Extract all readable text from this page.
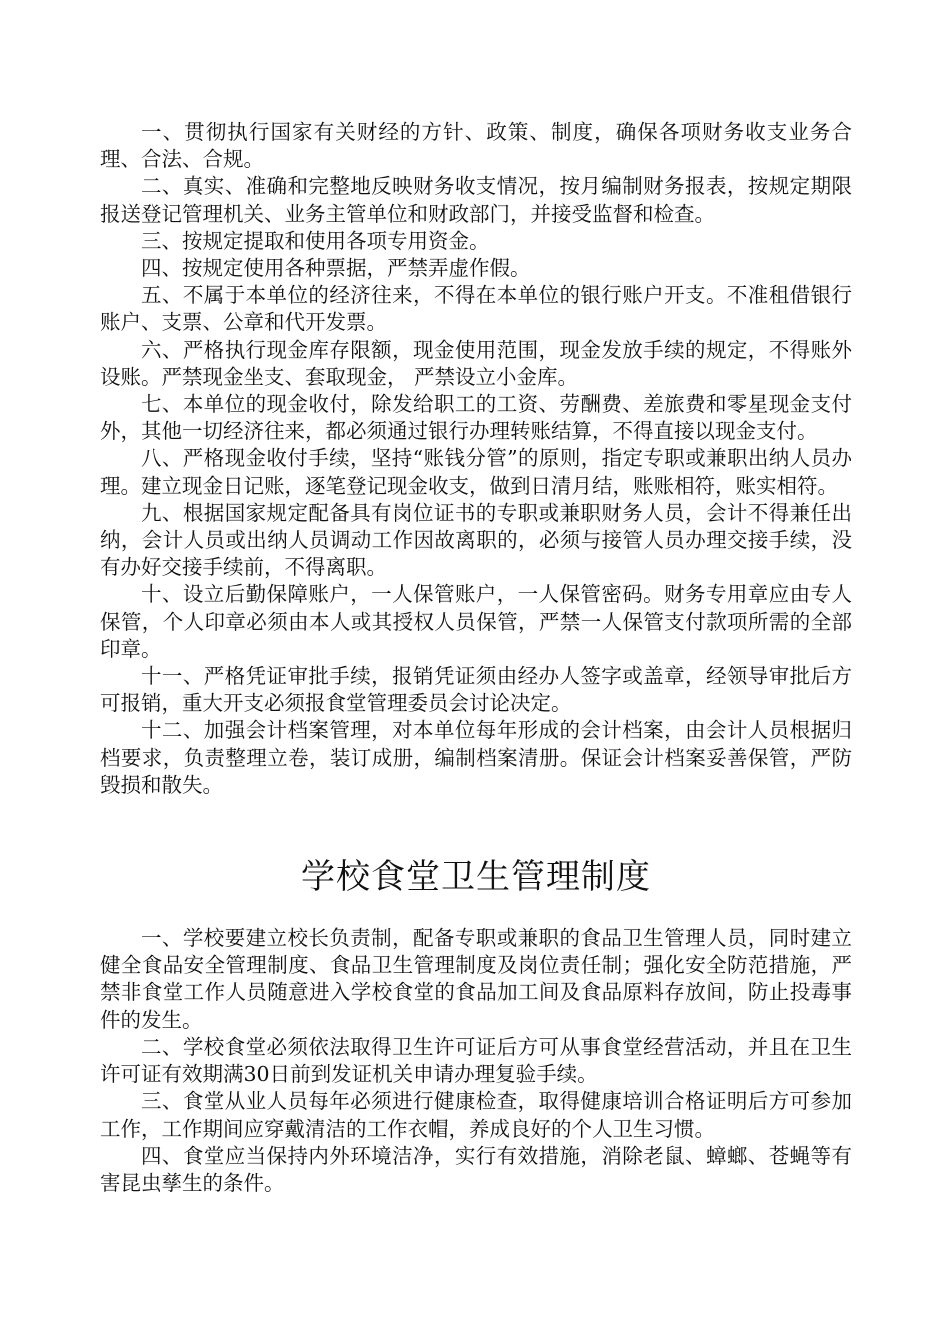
一、贯彻执行国家有关财经的方针、政策、制度，确保各项财务收支业务合理、合法、合规。

二、真实、准确和完整地反映财务收支情况，按月编制财务报表，按规定期限报送登记管理机关、业务主管单位和财政部门，并接受监督和检查。

三、按规定提取和使用各项专用资金。

四、按规定使用各种票据，严禁弄虚作假。

五、不属于本单位的经济往来，不得在本单位的银行账户开支。不准租借银行账户、支票、公章和代开发票。

六、严格执行现金库存限额，现金使用范围，现金发放手续的规定，不得账外设账。严禁现金坐支、套取现金， 严禁设立小金库。

七、本单位的现金收付，除发给职工的工资、劳酬费、差旅费和零星现金支付外，其他一切经济往来，都必须通过银行办理转账结算，不得直接以现金支付。

八、严格现金收付手续，坚持“账钱分管”的原则，指定专职或兼职出纳人员办理。建立现金日记账，逐笔登记现金收支，做到日清月结，账账相符，账实相符。

九、根据国家规定配备具有岗位证书的专职或兼职财务人员，会计不得兼任出纳，会计人员或出纳人员调动工作因故离职的，必须与接管人员办理交接手续，没有办好交接手续前，不得离职。

十、设立后勤保障账户，一人保管账户，一人保管密码。财务专用章应由专人保管，个人印章必须由本人或其授权人员保管，严禁一人保管支付款项所需的全部印章。

十一、严格凭证审批手续，报销凭证须由经办人签字或盖章，经领导审批后方可报销，重大开支必须报食堂管理委员会讨论决定。

十二、加强会计档案管理，对本单位每年形成的会计档案，由会计人员根据归档要求，负责整理立卷，装订成册，编制档案清册。保证会计档案妥善保管，严防毁损和散失。

学校食堂卫生管理制度

一、学校要建立校长负责制，配备专职或兼职的食品卫生管理人员，同时建立健全食品安全管理制度、食品卫生管理制度及岗位责任制；强化安全防范措施，严禁非食堂工作人员随意进入学校食堂的食品加工间及食品原料存放间，防止投毒事件的发生。

二、学校食堂必须依法取得卫生许可证后方可从事食堂经营活动，并且在卫生许可证有效期满30日前到发证机关申请办理复验手续。

三、食堂从业人员每年必须进行健康检查，取得健康培训合格证明后方可参加工作，工作期间应穿戴清洁的工作衣帽，养成良好的个人卫生习惯。

四、食堂应当保持内外环境洁净，实行有效措施，消除老鼠、蟑螂、苍蝇等有害昆虫孳生的条件。
